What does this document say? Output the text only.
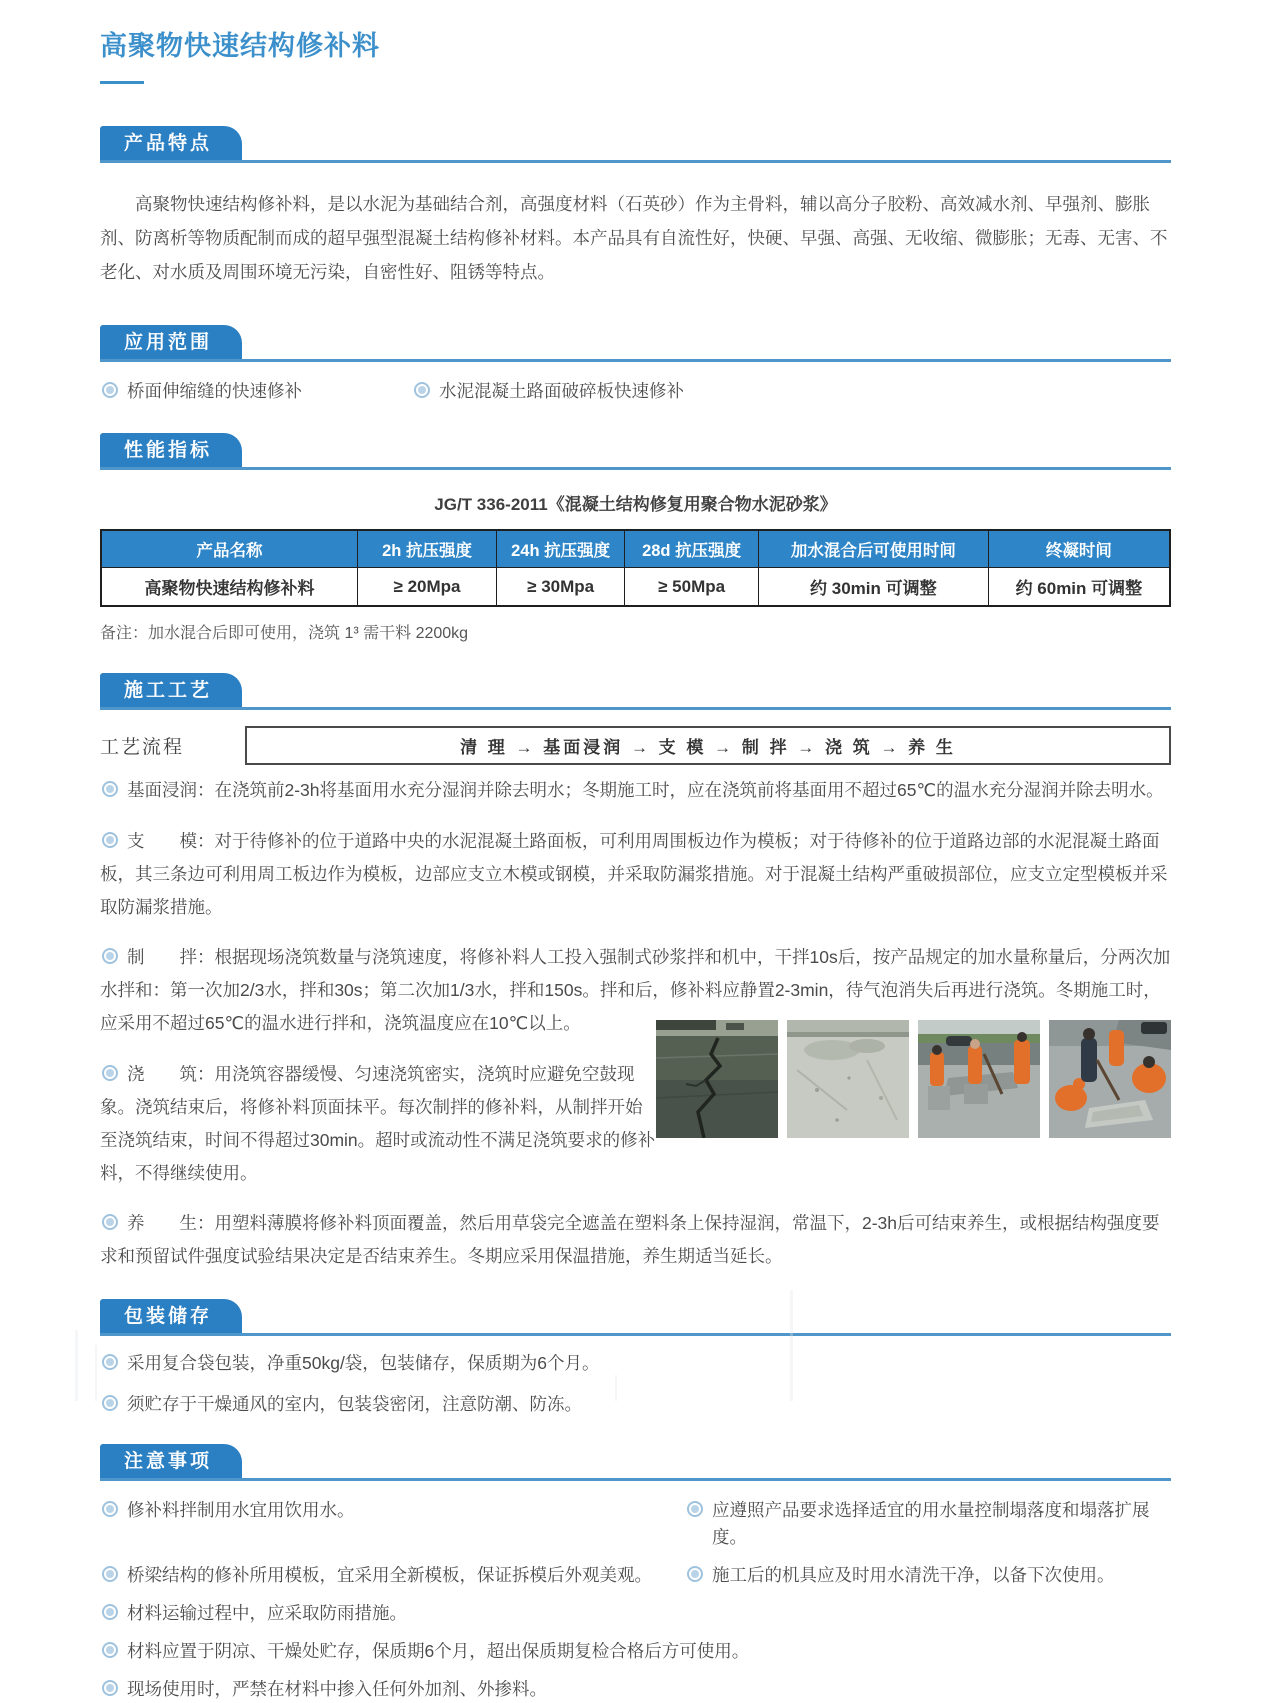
高聚物快速结构修补料
产品特点

高聚物快速结构修补料，是以水泥为基础结合剂，高强度材料（石英砂）作为主骨料，辅以高分子胶粉、高效减水剂、早强剂、膨胀剂、防离析等物质配制而成的超早强型混凝土结构修补材料。本产品具有自流性好，快硬、早强、高强、无收缩、微膨胀；无毒、无害、不老化、对水质及周围环境无污染，自密性好、阻锈等特点。

应用范围
桥面伸缩缝的快速修补	水泥混凝土路面破碎板快速修补
性能指标
JG/T 336-2011《混凝土结构修复用聚合物水泥砂浆》
产品名称	2h 抗压强度	24h 抗压强度	28d 抗压强度	加水混合后可使用时间	终凝时间
高聚物快速结构修补料	≥ 20Mpa	≥ 30Mpa	≥ 50Mpa	约 30min 可调整	约 60min 可调整
备注：加水混合后即可使用，浇筑 1³ 需干料 2200kg
施工工艺
工艺流程	清 理 → 基面浸润 → 支 模 → 制 拌 → 浇 筑 → 养 生

基面浸润：在浇筑前2-3h将基面用水充分湿润并除去明水；冬期施工时，应在浇筑前将基面用不超过65℃的温水充分湿润并除去明水。

支　　模：对于待修补的位于道路中央的水泥混凝土路面板，可利用周围板边作为模板；对于待修补的位于道路边部的水泥混凝土路面板，其三条边可利用周工板边作为模板，边部应支立木模或钢模，并采取防漏浆措施。对于混凝土结构严重破损部位，应支立定型模板并采取防漏浆措施。

制　　拌：根据现场浇筑数量与浇筑速度，将修补料人工投入强制式砂浆拌和机中，干拌10s后，按产品规定的加水量称量后，分两次加水拌和：第一次加2/3水，拌和30s；第二次加1/3水，拌和150s。拌和后，修补料应静置2-3min，待气泡消失后再进行浇筑。冬期施工时，应采用不超过65℃的温水进行拌和，浇筑温度应在10℃以上。

浇　　筑：用浇筑容器缓慢、匀速浇筑密实，浇筑时应避免空鼓现象。浇筑结束后，将修补料顶面抹平。每次制拌的修补料，从制拌开始至浇筑结束，时间不得超过30min。超时或流动性不满足浇筑要求的修补料，不得继续使用。

养　　生：用塑料薄膜将修补料顶面覆盖，然后用草袋完全遮盖在塑料条上保持湿润，常温下，2-3h后可结束养生，或根据结构强度要求和预留试件强度试验结果决定是否结束养生。冬期应采用保温措施，养生期适当延长。

包装储存
采用复合袋包装，净重50kg/袋，包装储存，保质期为6个月。
须贮存于干燥通风的室内，包装袋密闭，注意防潮、防冻。
注意事项
修补料拌制用水宜用饮用水。	应遵照产品要求选择适宜的用水量控制塌落度和塌落扩展度。
桥梁结构的修补所用模板，宜采用全新模板，保证拆模后外观美观。	施工后的机具应及时用水清洗干净，以备下次使用。
材料运输过程中，应采取防雨措施。
材料应置于阴凉、干燥处贮存，保质期6个月，超出保质期复检合格后方可使用。
现场使用时，严禁在材料中掺入任何外加剂、外掺料。
